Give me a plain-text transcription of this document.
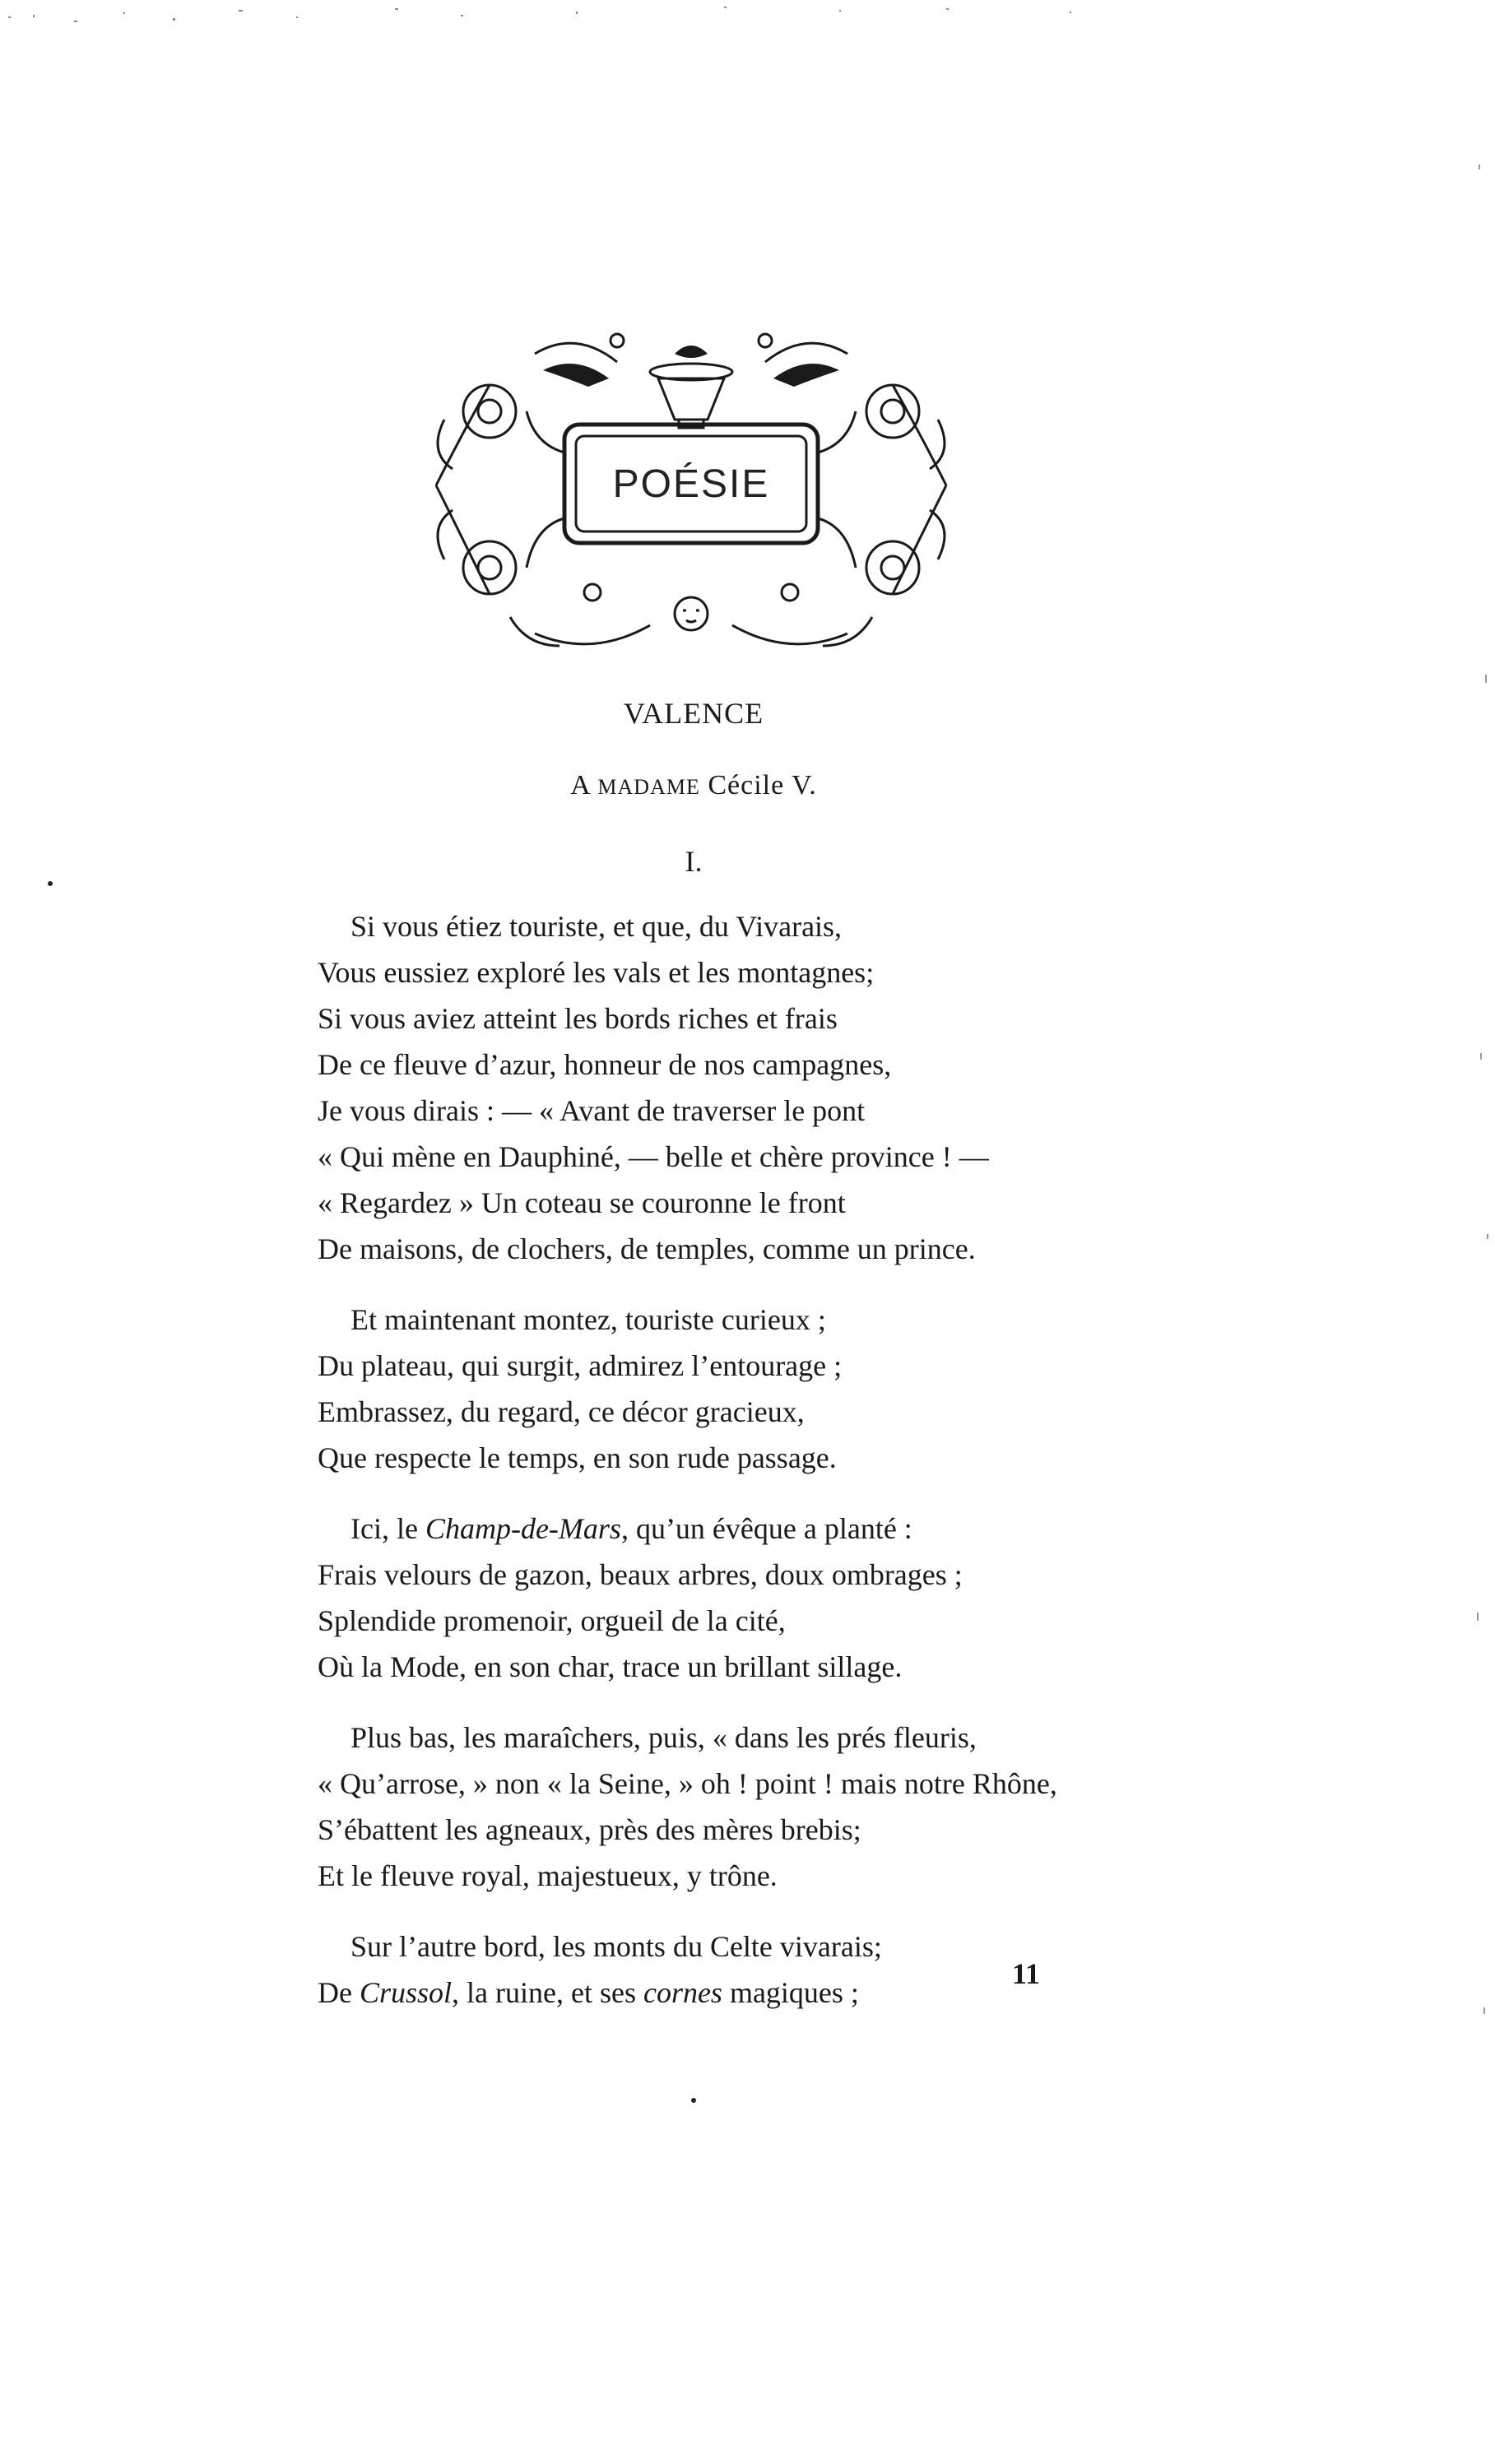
POÉSIE
VALENCE
A MADAME Cécile V.
I.
Si vous étiez touriste, et que, du Vivarais,
Vous eussiez exploré les vals et les montagnes;
Si vous aviez atteint les bords riches et frais
De ce fleuve d’azur, honneur de nos campagnes,
Je vous dirais : — « Avant de traverser le pont
« Qui mène en Dauphiné, — belle et chère province ! —
« Regardez » Un coteau se couronne le front
De maisons, de clochers, de temples, comme un prince.
Et maintenant montez, touriste curieux ;
Du plateau, qui surgit, admirez l’entourage ;
Embrassez, du regard, ce décor gracieux,
Que respecte le temps, en son rude passage.
Ici, le Champ-de-Mars, qu’un évêque a planté :
Frais velours de gazon, beaux arbres, doux ombrages ;
Splendide promenoir, orgueil de la cité,
Où la Mode, en son char, trace un brillant sillage.
Plus bas, les maraîchers, puis, « dans les prés fleuris,
« Qu’arrose, » non « la Seine, » oh ! point ! mais notre Rhône,
S’ébattent les agneaux, près des mères brebis;
Et le fleuve royal, majestueux, y trône.
Sur l’autre bord, les monts du Celte vivarais;
De Crussol, la ruine, et ses cornes magiques ;
11
